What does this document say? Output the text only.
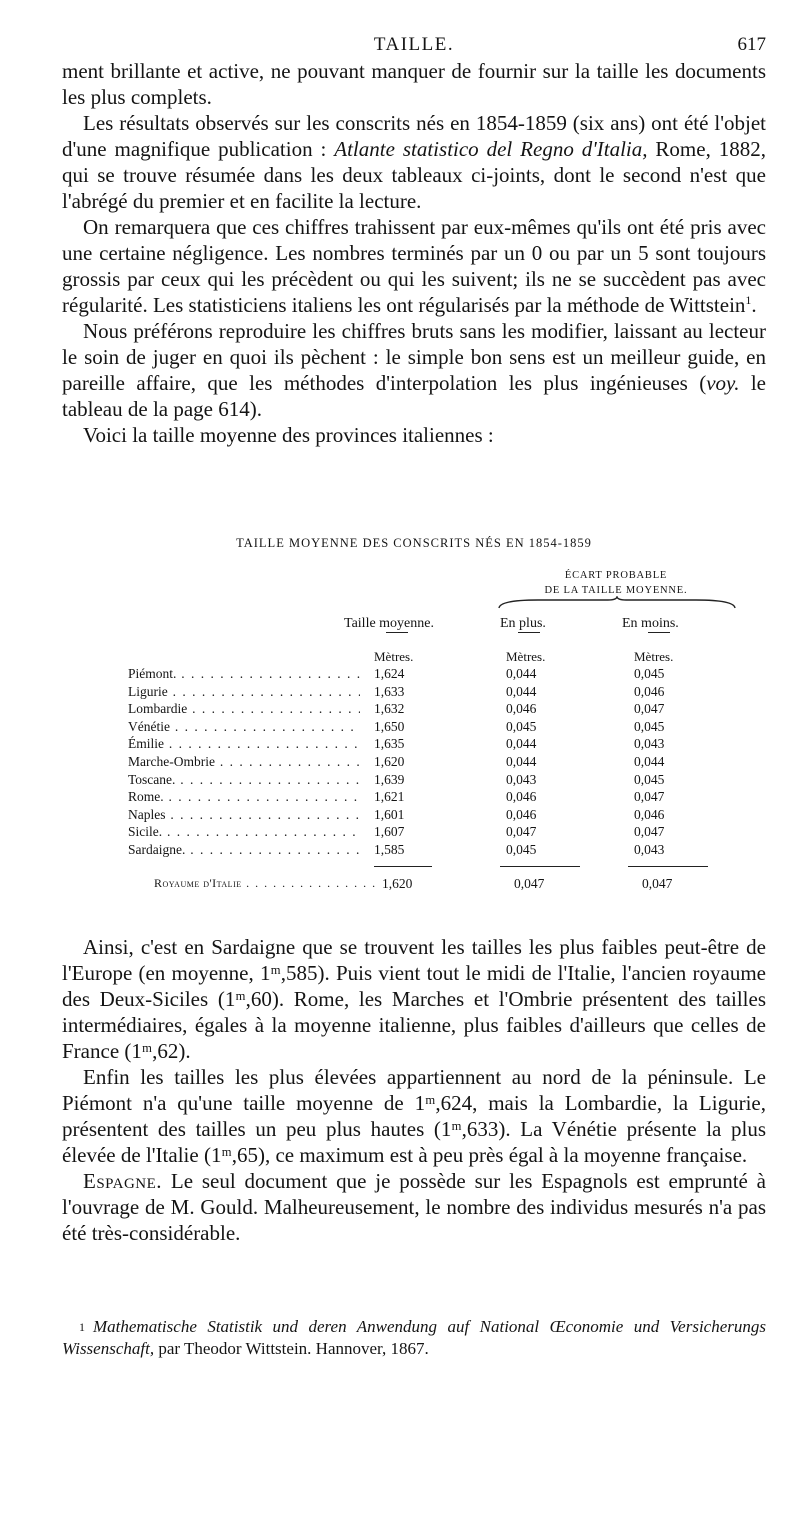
TAILLE.	617

ment brillante et active, ne pouvant manquer de fournir sur la taille les documents les plus complets.

 Les résultats observés sur les conscrits nés en 1854-1859 (six ans) ont été l'objet d'une magnifique publication : Atlante statistico del Regno d'Italia, Rome, 1882, qui se trouve résumée dans les deux tableaux ci-joints, dont le second n'est que l'abrégé du premier et en facilite la lecture.

 On remarquera que ces chiffres trahissent par eux-mêmes qu'ils ont été pris avec une certaine négligence. Les nombres terminés par un 0 ou par un 5 sont toujours grossis par ceux qui les précèdent ou qui les suivent; ils ne se succèdent pas avec régularité. Les statisticiens italiens les ont régularisés par la méthode de Wittstein$^1$.

 Nous préférons reproduire les chiffres bruts sans les modifier, laissant au lecteur le soin de juger en quoi ils pèchent : le simple bon sens est un meilleur guide, en pareille affaire, que les méthodes d'interpolation les plus ingénieuses (voy. le tableau de la page 614).

 Voici la taille moyenne des provinces italiennes :

TAILLE MOYENNE DES CONSCRITS NÉS EN 1854-1859
ÉCART PROBABLE
DE LA TAILLE MOYENNE.
Taille moyenne.	En plus.	En moins.
Mètres.	Mètres.	Mètres.
Piémont. . . .	1,624	0,044	0,045
Ligurie . . .	1,633	0,044	0,046
Lombardie . . .	1,632	0,046	0,047
Vénétie . . .	1,650	0,045	0,045
Émilie . . .	1,635	0,044	0,043
Marche-Ombrie . . .	1,620	0,044	0,044
Toscane. . . .	1,639	0,043	0,045
Rome. . . .	1,621	0,046	0,047
Naples . . .	1,601	0,046	0,046
Sicile. . . .	1,607	0,047	0,047
Sardaigne. . . .	1,585	0,045	0,043
Royaume d'Italie . . .	1,620	0,047	0,047

 Ainsi, c'est en Sardaigne que se trouvent les tailles les plus faibles peut-être de l'Europe (en moyenne, 1ᵐ,585). Puis vient tout le midi de l'Italie, l'ancien royaume des Deux-Siciles (1ᵐ,60). Rome, les Marches et l'Ombrie présentent des tailles intermédiaires, égales à la moyenne italienne, plus faibles d'ailleurs que celles de France (1ᵐ,62).

 Enfin les tailles les plus élevées appartiennent au nord de la péninsule. Le Piémont n'a qu'une taille moyenne de 1ᵐ,624, mais la Lombardie, la Ligurie, présentent des tailles un peu plus hautes (1ᵐ,633). La Vénétie présente la plus élevée de l'Italie (1ᵐ,65), ce maximum est à peu près égal à la moyenne française.

 Espagne. Le seul document que je possède sur les Espagnols est emprunté à l'ouvrage de M. Gould. Malheureusement, le nombre des individus mesurés n'a pas été très-considérable.

 $^1$ Mathematische Statistik und deren Anwendung auf National Œconomie und Versicherungs Wissenschaft, par Theodor Wittstein. Hannover, 1867.
